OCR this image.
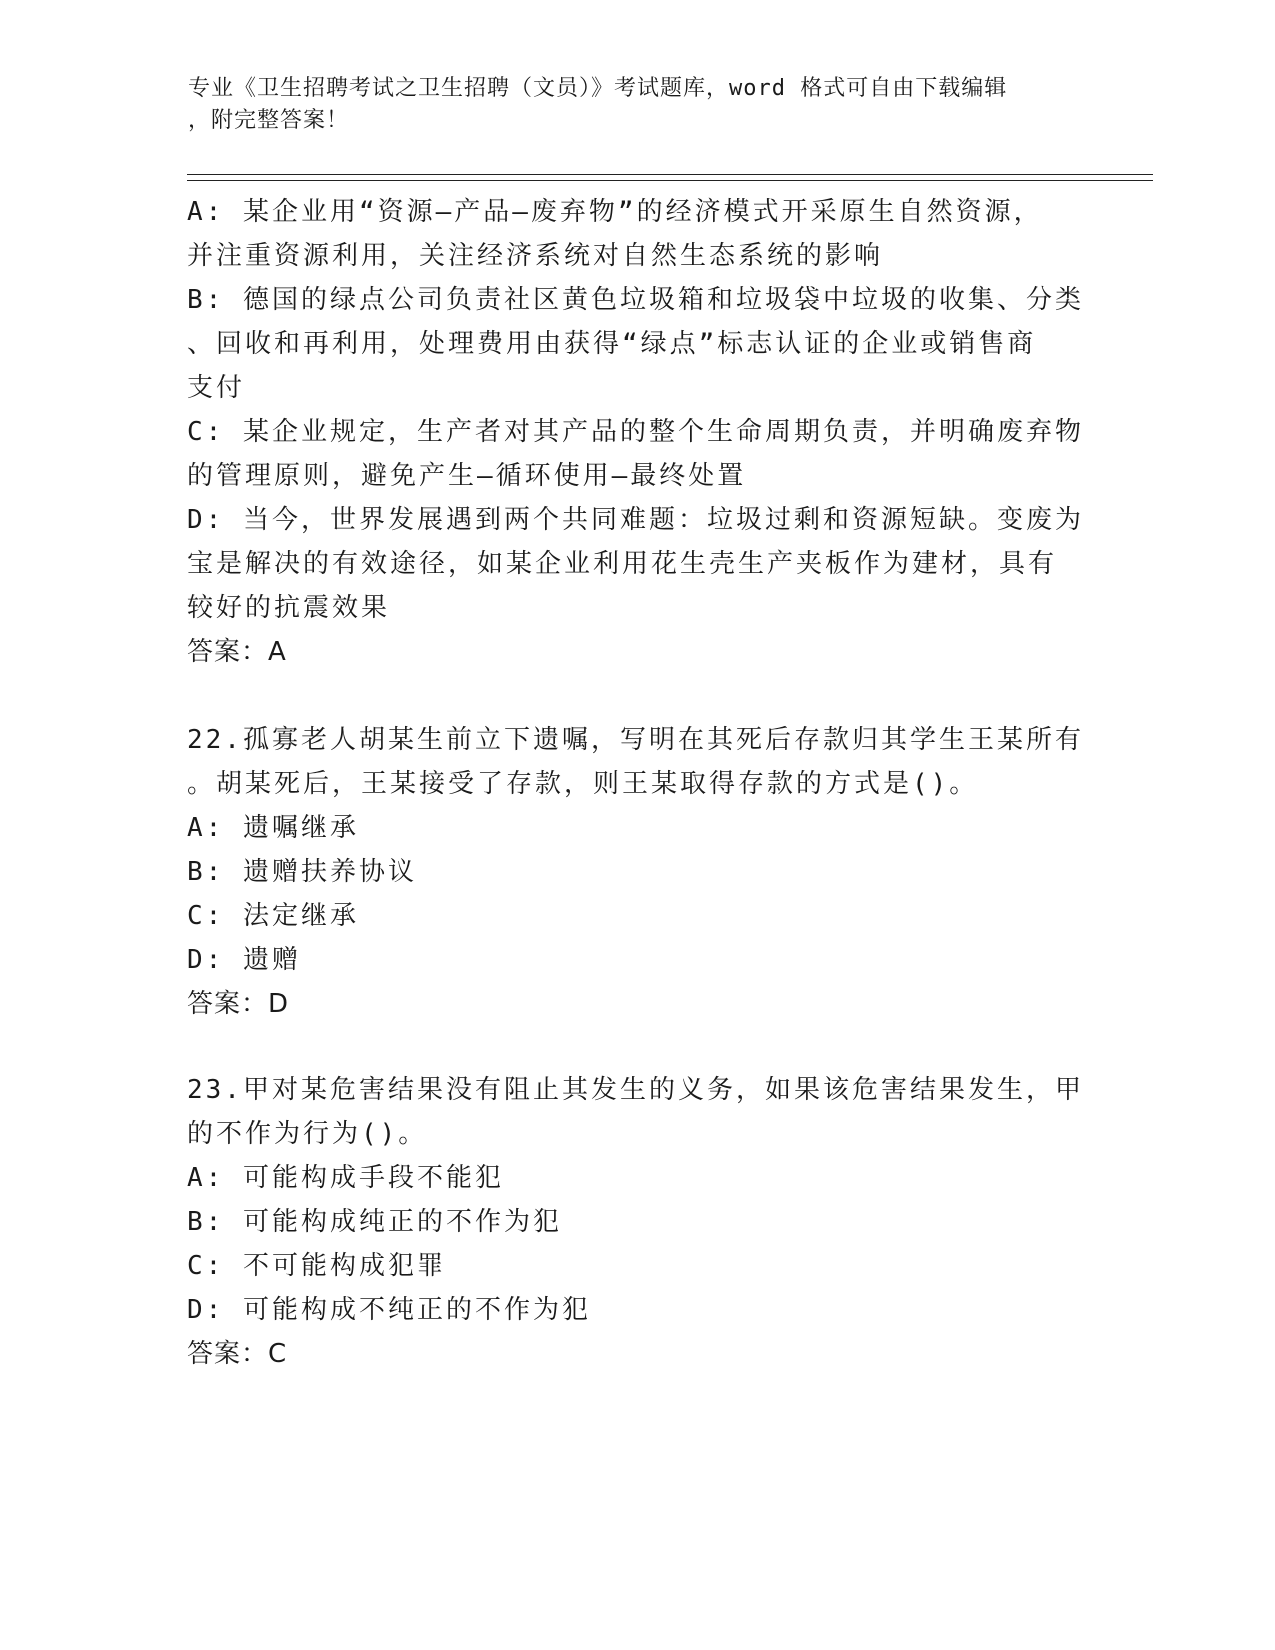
专业《卫生招聘考试之卫生招聘（文员）》考试题库，word 格式可自由下载编辑
，附完整答案！
A: 某企业用“资源—产品—废弃物”的经济模式开采原生自然资源，
并注重资源利用，关注经济系统对自然生态系统的影响
B: 德国的绿点公司负责社区黄色垃圾箱和垃圾袋中垃圾的收集、分类
、回收和再利用，处理费用由获得“绿点”标志认证的企业或销售商
支付
C: 某企业规定，生产者对其产品的整个生命周期负责，并明确废弃物
的管理原则，避免产生—循环使用—最终处置
D: 当今，世界发展遇到两个共同难题：垃圾过剩和资源短缺。变废为
宝是解决的有效途径，如某企业利用花生壳生产夹板作为建材，具有
较好的抗震效果
答案：A
22.孤寡老人胡某生前立下遗嘱，写明在其死后存款归其学生王某所有
。胡某死后，王某接受了存款，则王某取得存款的方式是()。
A: 遗嘱继承
B: 遗赠扶养协议
C: 法定继承
D: 遗赠
答案：D
23.甲对某危害结果没有阻止其发生的义务，如果该危害结果发生，甲
的不作为行为()。
A: 可能构成手段不能犯
B: 可能构成纯正的不作为犯
C: 不可能构成犯罪
D: 可能构成不纯正的不作为犯
答案：C
